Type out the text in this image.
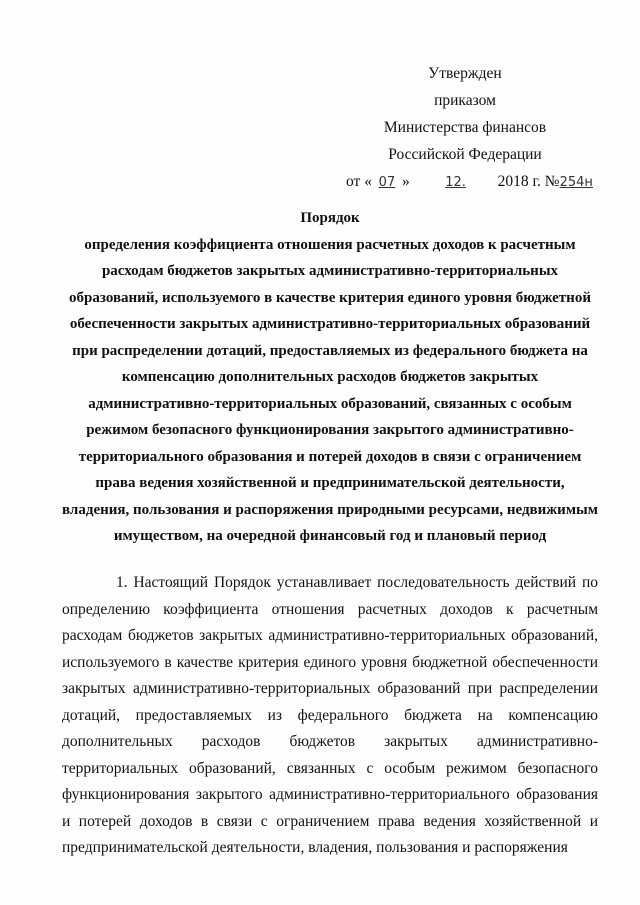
Утвержден
приказом
Министерства финансов
Российской Федерации
от « 07 »	12. 2018 г. №254н
Порядок
определения коэффициента отношения расчетных доходов к расчетным расходам бюджетов закрытых административно-территориальных образований, используемого в качестве критерия единого уровня бюджетной обеспеченности закрытых административно-территориальных образований при распределении дотаций, предоставляемых из федерального бюджета на компенсацию дополнительных расходов бюджетов закрытых административно-территориальных образований, связанных с особым режимом безопасного функционирования закрытого административно-территориального образования и потерей доходов в связи с ограничением права ведения хозяйственной и предпринимательской деятельности, владения, пользования и распоряжения природными ресурсами, недвижимым имуществом, на очередной финансовый год и плановый период
1. Настоящий Порядок устанавливает последовательность действий по определению коэффициента отношения расчетных доходов к расчетным расходам бюджетов закрытых административно-территориальных образований, используемого в качестве критерия единого уровня бюджетной обеспеченности закрытых административно-территориальных образований при распределении дотаций, предоставляемых из федерального бюджета на компенсацию дополнительных расходов бюджетов закрытых административно-территориальных образований, связанных с особым режимом безопасного функционирования закрытого административно-территориального образования и потерей доходов в связи с ограничением права ведения хозяйственной и предпринимательской деятельности, владения, пользования и распоряжения
